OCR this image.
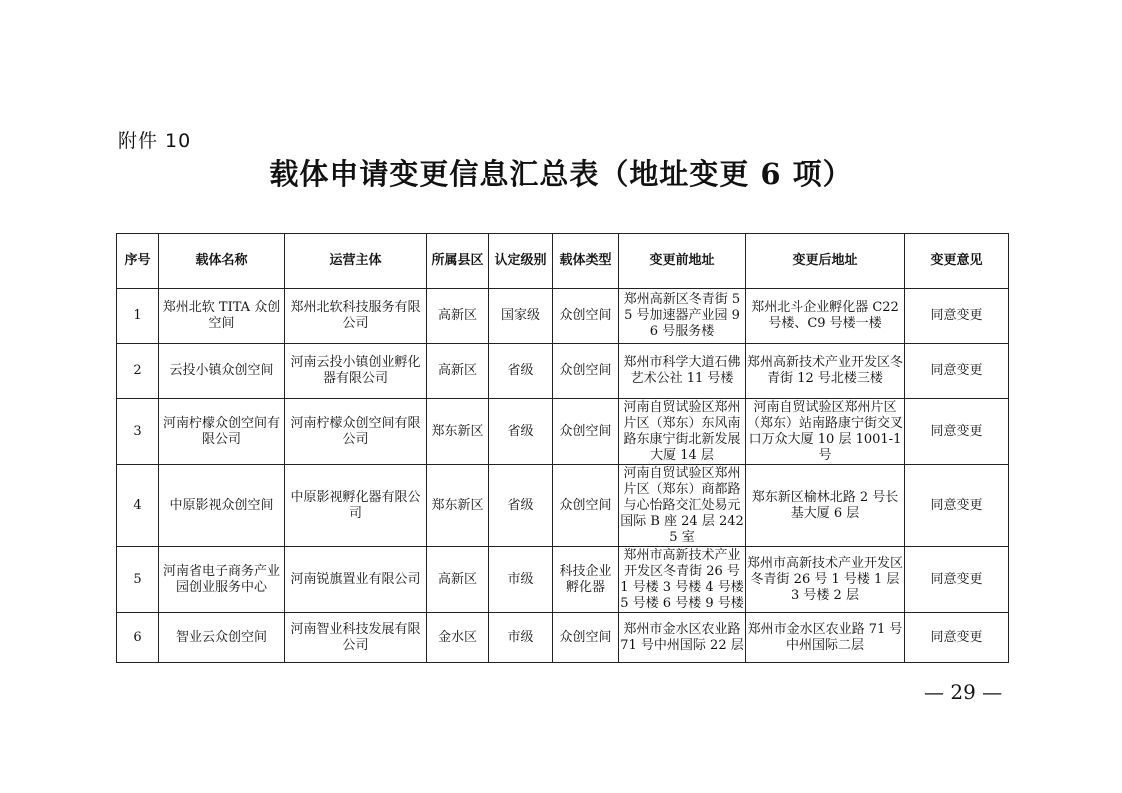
附件 10
载体申请变更信息汇总表（地址变更 6 项）
序号	载体名称	运营主体	所属县区	认定级别	载体类型	变更前地址	变更后地址	变更意见
1	郑州北软 TITA 众创空间	郑州北软科技服务有限公司	高新区	国家级	众创空间	郑州高新区冬青街 55 号加速器产业园 96 号服务楼	郑州北斗企业孵化器 C22 号楼、C9 号楼一楼	同意变更
2	云投小镇众创空间	河南云投小镇创业孵化器有限公司	高新区	省级	众创空间	郑州市科学大道石佛艺术公社 11 号楼	郑州高新技术产业开发区冬青街 12 号北楼三楼	同意变更
3	河南柠檬众创空间有限公司	河南柠檬众创空间有限公司	郑东新区	省级	众创空间	河南自贸试验区郑州片区（郑东）东风南路东康宁街北新发展大厦 14 层	河南自贸试验区郑州片区（郑东）站南路康宁街交叉口万众大厦 10 层 1001-1 号	同意变更
4	中原影视众创空间	中原影视孵化器有限公司	郑东新区	省级	众创空间	河南自贸试验区郑州片区（郑东）商都路与心怡路交汇处易元国际 B 座 24 层 2425 室	郑东新区榆林北路 2 号长基大厦 6 层	同意变更
5	河南省电子商务产业园创业服务中心	河南锐旗置业有限公司	高新区	市级	科技企业孵化器	郑州市高新技术产业开发区冬青街 26 号 1 号楼 3 号楼 4 号楼 5 号楼 6 号楼 9 号楼	郑州市高新技术产业开发区冬青街 26 号 1 号楼 1 层 3 号楼 2 层	同意变更
6	智业云众创空间	河南智业科技发展有限公司	金水区	市级	众创空间	郑州市金水区农业路 71 号中州国际 22 层	郑州市金水区农业路 71 号中州国际二层	同意变更
— 29 —
